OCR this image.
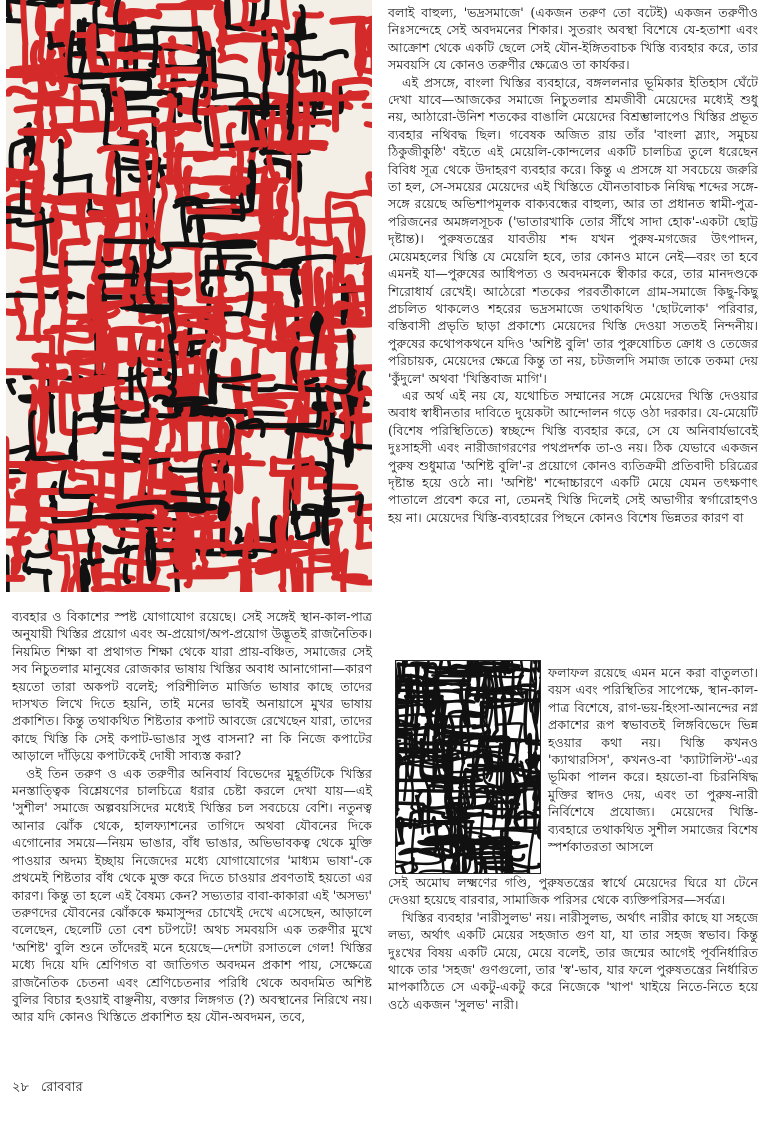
বলাই বাহুল্য, 'ভদ্রসমাজে' (একজন তরুণ তো বটেই) একজন তরুণীও নিঃসন্দেহে সেই অবদমনের শিকার। সুতরাং অবস্থা বিশেষে যে-হতাশা এবং আক্রোশ থেকে একটি ছেলে সেই যৌন-ইঙ্গিতবাচক খিস্তি ব্যবহার করে, তার সমবয়সি যে কোনও তরুণীর ক্ষেত্রেও তা কার্যকর।

এই প্রসঙ্গে, বাংলা খিস্তির ব্যবহারে, বঙ্গললনার ভূমিকার ইতিহাস ঘেঁটে দেখা যাবে—আজকের সমাজে নিচুতলার শ্রমজীবী মেয়েদের মধ্যেই শুধু নয়, আঠারো-উনিশ শতকের বাঙালি মেয়েদের বিশ্রম্ভালাপেও খিস্তির প্রভূত ব্যবহার নথিবদ্ধ ছিল। গবেষক অজিত রায় তাঁর 'বাংলা স্ল্যাং, সমুচয় ঠিকুজীকুষ্ঠি' বইতে এই মেয়েলি-কোন্দলের একটি চালচিত্র তুলে ধরেছেন বিবিধ সূত্র থেকে উদাহরণ ব্যবহার করে। কিন্তু এ প্রসঙ্গে যা সবচেয়ে জরুরি তা হল, সে-সময়ের মেয়েদের এই খিস্তিতে যৌনতাবাচক নিষিদ্ধ শব্দের সঙ্গে-সঙ্গে রয়েছে অভিশাপমূলক বাক্যবন্ধের বাহুল্য, আর তা প্রধানত স্বামী-পুত্র-পরিজনের অমঙ্গলসূচক ('ভাতারখাকি তোর সীঁথে সাদা হোক'-একটা ছোট্ট দৃষ্টান্ত)। পুরুষতন্ত্রের যাবতীয় শব্দ যখন পুরুষ-মগজের উৎপাদন, মেয়েমহলের খিস্তি যে মেয়েলি হবে, তার কোনও মানে নেই—বরং তা হবে এমনই যা—পুরুষের আধিপত্য ও অবদমনকে স্বীকার করে, তার মানদণ্ডকে শিরোধার্য রেখেই। আঠেরো শতকের পরবর্তীকালে গ্রাম-সমাজে কিছু-কিছু প্রচলিত থাকলেও শহরের ভদ্রসমাজে তথাকথিত 'ছোটলোক' পরিবার, বস্তিবাসী প্রভৃতি ছাড়া প্রকাশ্যে মেয়েদের খিস্তি দেওয়া সততই নিন্দনীয়। পুরুষের কথোপকথনে যদিও 'অশিষ্ট বুলি' তার পুরুষোচিত ক্রোধ ও তেজের পরিচায়ক, মেয়েদের ক্ষেত্রে কিন্তু তা নয়, চটজলদি সমাজ তাকে তকমা দেয় 'কুঁদুলে' অথবা 'খিস্তিবাজ মাগি'।

এর অর্থ এই নয় যে, যথোচিত সম্মানের সঙ্গে মেয়েদের খিস্তি দেওয়ার অবাধ স্বাধীনতার দাবিতে দুয়েকটা আন্দোলন গড়ে ওঠা দরকার। যে-মেয়েটি (বিশেষ পরিস্থিতিতে) স্বচ্ছন্দে খিস্তি ব্যবহার করে, সে যে অনিবার্যভাবেই দুঃসাহসী এবং নারীজাগরণের পথপ্রদর্শক তা-ও নয়। ঠিক যেভাবে একজন পুরুষ শুধুমাত্র 'অশিষ্ট বুলি'-র প্রয়োগে কোনও ব্যতিক্রমী প্রতিবাদী চরিত্রের দৃষ্টান্ত হয়ে ওঠে না। 'অশিষ্ট' শব্দোচ্চারণে একটি মেয়ে যেমন তৎক্ষণাৎ পাতালে প্রবেশ করে না, তেমনই খিস্তি দিলেই সেই অভাগীর স্বর্গারোহণও হয় না। মেয়েদের খিস্তি-ব্যবহারের পিছনে কোনও বিশেষ ভিন্নতর কারণ বা

ফলাফল রয়েছে এমন মনে করা বাতুলতা। বয়স এবং পরিস্থিতির সাপেক্ষে, স্থান-কাল-পাত্র বিশেষে, রাগ-ভয়-হিংসা-আনন্দের নগ্ন প্রকাশের রূপ স্বভাবতই লিঙ্গবিভেদে ভিন্ন হওয়ার কথা নয়। খিস্তি কখনও 'ক্যাথারসিস', কখনও-বা 'ক্যাটালিস্ট'-এর ভূমিকা পালন করে। হয়তো-বা চিরনিষিদ্ধ মুক্তির স্বাদও দেয়, এবং তা পুরুষ-নারী নির্বিশেষে প্রযোজ্য। মেয়েদের খিস্তি-ব্যবহারে তথাকথিত সুশীল সমাজের বিশেষ স্পর্শকাতরতা আসলে

সেই অমোঘ লক্ষ্মণের গণ্ডি, পুরুষতন্ত্রের স্বার্থে মেয়েদের ঘিরে যা টেনে দেওয়া হয়েছে বারবার, সামাজিক পরিসর থেকে ব্যক্তিপরিসর—সর্বত্র।

খিস্তির ব্যবহার 'নারীসুলভ' নয়। নারীসুলভ, অর্থাৎ নারীর কাছে যা সহজে লভ্য, অর্থাৎ একটি মেয়ের সহজাত গুণ যা, যা তার সহজ স্বভাব। কিন্তু দুঃখের বিষয় একটি মেয়ে, মেয়ে বলেই, তার জন্মের আগেই পূর্বনির্ধারিত থাকে তার 'সহজ' গুণগুলো, তার 'স্ব'-ভাব, যার ফলে পুরুষতন্ত্রের নির্ধারিত মাপকাঠিতে সে একটু-একটু করে নিজেকে 'খাপ' খাইয়ে নিতে-নিতে হয়ে ওঠে একজন 'সুলভ' নারী।

ব্যবহার ও বিকাশের স্পষ্ট যোগাযোগ রয়েছে। সেই সঙ্গেই স্থান-কাল-পাত্র অনুযায়ী খিস্তির প্রয়োগ এবং অ-প্রয়োগ/অপ-প্রয়োগ উদ্ভূতই রাজনৈতিক। নিয়মিত শিক্ষা বা প্রথাগত শিক্ষা থেকে যারা প্রায়-বঞ্চিত, সমাজের সেই সব নিচুতলার মানুষের রোজকার ভাষায় খিস্তির অবাধ আনাগোনা—কারণ হয়তো তারা অকপট বলেই; পরিশীলিত মার্জিত ভাষার কাছে তাদের দাসখত লিখে দিতে হয়নি, তাই মনের ভাবই অনায়াসে মুখর ভাষায় প্রকাশিত। কিন্তু তথাকথিত শিষ্টতার কপাট আবজে রেখেছেন যারা, তাদের কাছে খিস্তি কি সেই কপাট-ভাঙার সুপ্ত বাসনা? না কি নিজে কপাটের আড়ালে দাঁড়িয়ে কপাটকেই দোষী সাব্যস্ত করা?

ওই তিন তরুণ ও এক তরুণীর অনিবার্য বিভেদের মুহূর্তটিকে খিস্তির মনস্তাত্ত্বিক বিশ্লেষণের চালচিত্রে ধরার চেষ্টা করলে দেখা যায়—এই 'সুশীল' সমাজে অল্পবয়সিদের মধ্যেই খিস্তির চল সবচেয়ে বেশি। নতুনত্ব আনার ঝোঁক থেকে, হালফ্যাশনের তাগিদে অথবা যৌবনের দিকে এগোনোর সময়ে—নিয়ম ভাঙার, বাঁধ ভাঙার, অভিভাবকত্ব থেকে মুক্তি পাওয়ার অদম্য ইচ্ছায় নিজেদের মধ্যে যোগাযোগের 'মাধ্যম ভাষা'-কে প্রথমেই শিষ্টতার বাঁধ থেকে মুক্ত করে দিতে চাওয়ার প্রবণতাই হয়তো এর কারণ। কিন্তু তা হলে এই বৈষম্য কেন? সভ্যতার বাবা-কাকারা এই 'অসভ্য' তরুণদের যৌবনের ঝোঁককে ক্ষমাসুন্দর চোখেই দেখে এসেছেন, আড়ালে বলেছেন, ছেলেটি তো বেশ চটপটে! অথচ সমবয়সি এক তরুণীর মুখে 'অশিষ্ট' বুলি শুনে তাঁদেরই মনে হয়েছে—দেশটা রসাতলে গেল! খিস্তির মধ্যে দিয়ে যদি শ্রেণিগত বা জাতিগত অবদমন প্রকাশ পায়, সেক্ষেত্রে রাজনৈতিক চেতনা এবং শ্রেণিচেতনার পরিধি থেকে অবদমিত অশিষ্ট বুলির বিচার হওয়াই বাঞ্ছনীয়, বক্তার লিঙ্গগত (?) অবস্থানের নিরিখে নয়। আর যদি কোনও খিস্তিতে প্রকাশিত হয় যৌন-অবদমন, তবে,

২৮ রোববার
